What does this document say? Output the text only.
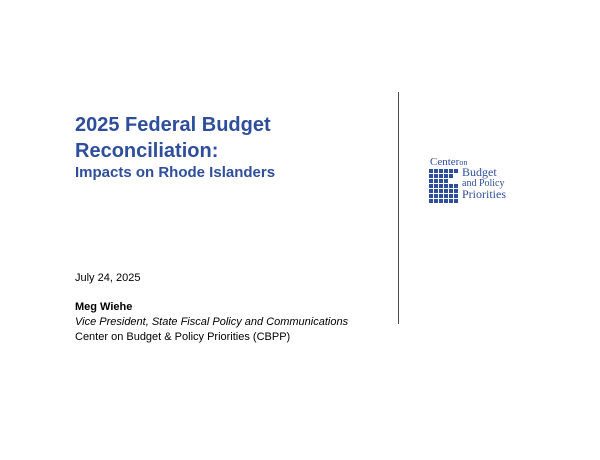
2025 Federal Budget
Reconciliation:
Impacts on Rhode Islanders
July 24, 2025
Meg Wiehe
Vice President, State Fiscal Policy and Communications
Center on Budget & Policy Priorities (CBPP)
Centeron
Budget
and Policy
Priorities
